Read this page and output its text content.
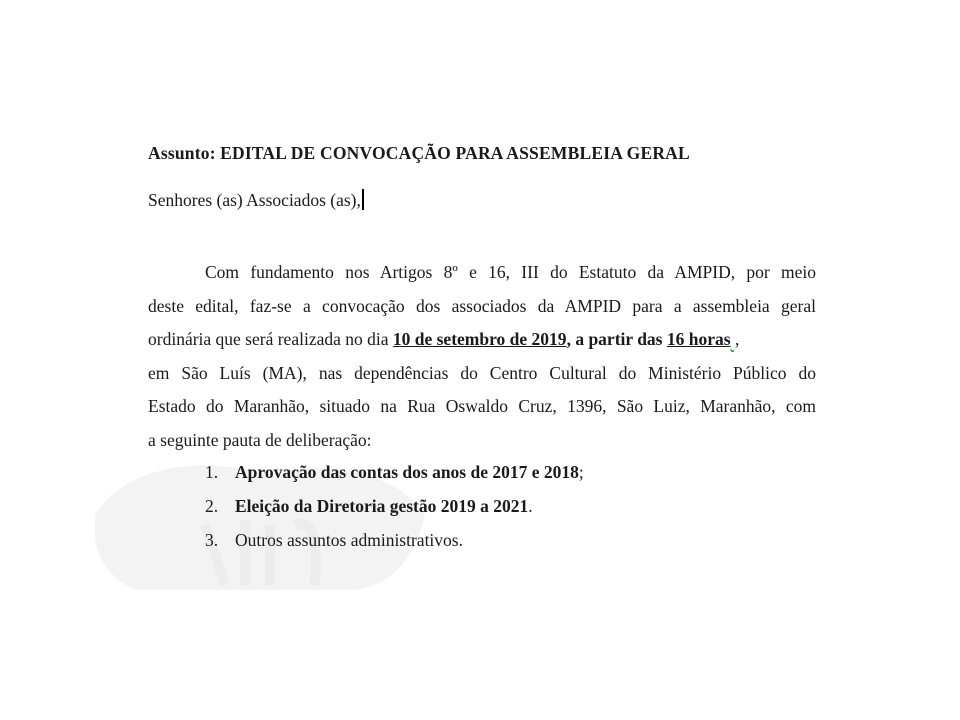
Assunto: EDITAL DE CONVOCAÇÃO PARA ASSEMBLEIA GERAL
Senhores (as) Associados (as),
Com fundamento nos Artigos 8º e 16, III do Estatuto da AMPID, por meio
deste edital, faz-se a convocação dos associados da AMPID para a assembleia geral
ordinária que será realizada no dia 10 de setembro de 2019, a partir das 16 horas ,
em São Luís (MA), nas dependências do Centro Cultural do Ministério Público do
Estado do Maranhão, situado na Rua Oswaldo Cruz, 1396, São Luiz, Maranhão, com
a seguinte pauta de deliberação:
1. Aprovação das contas dos anos de 2017 e 2018;
2. Eleição da Diretoria gestão 2019 a 2021.
3. Outros assuntos administrativos.
